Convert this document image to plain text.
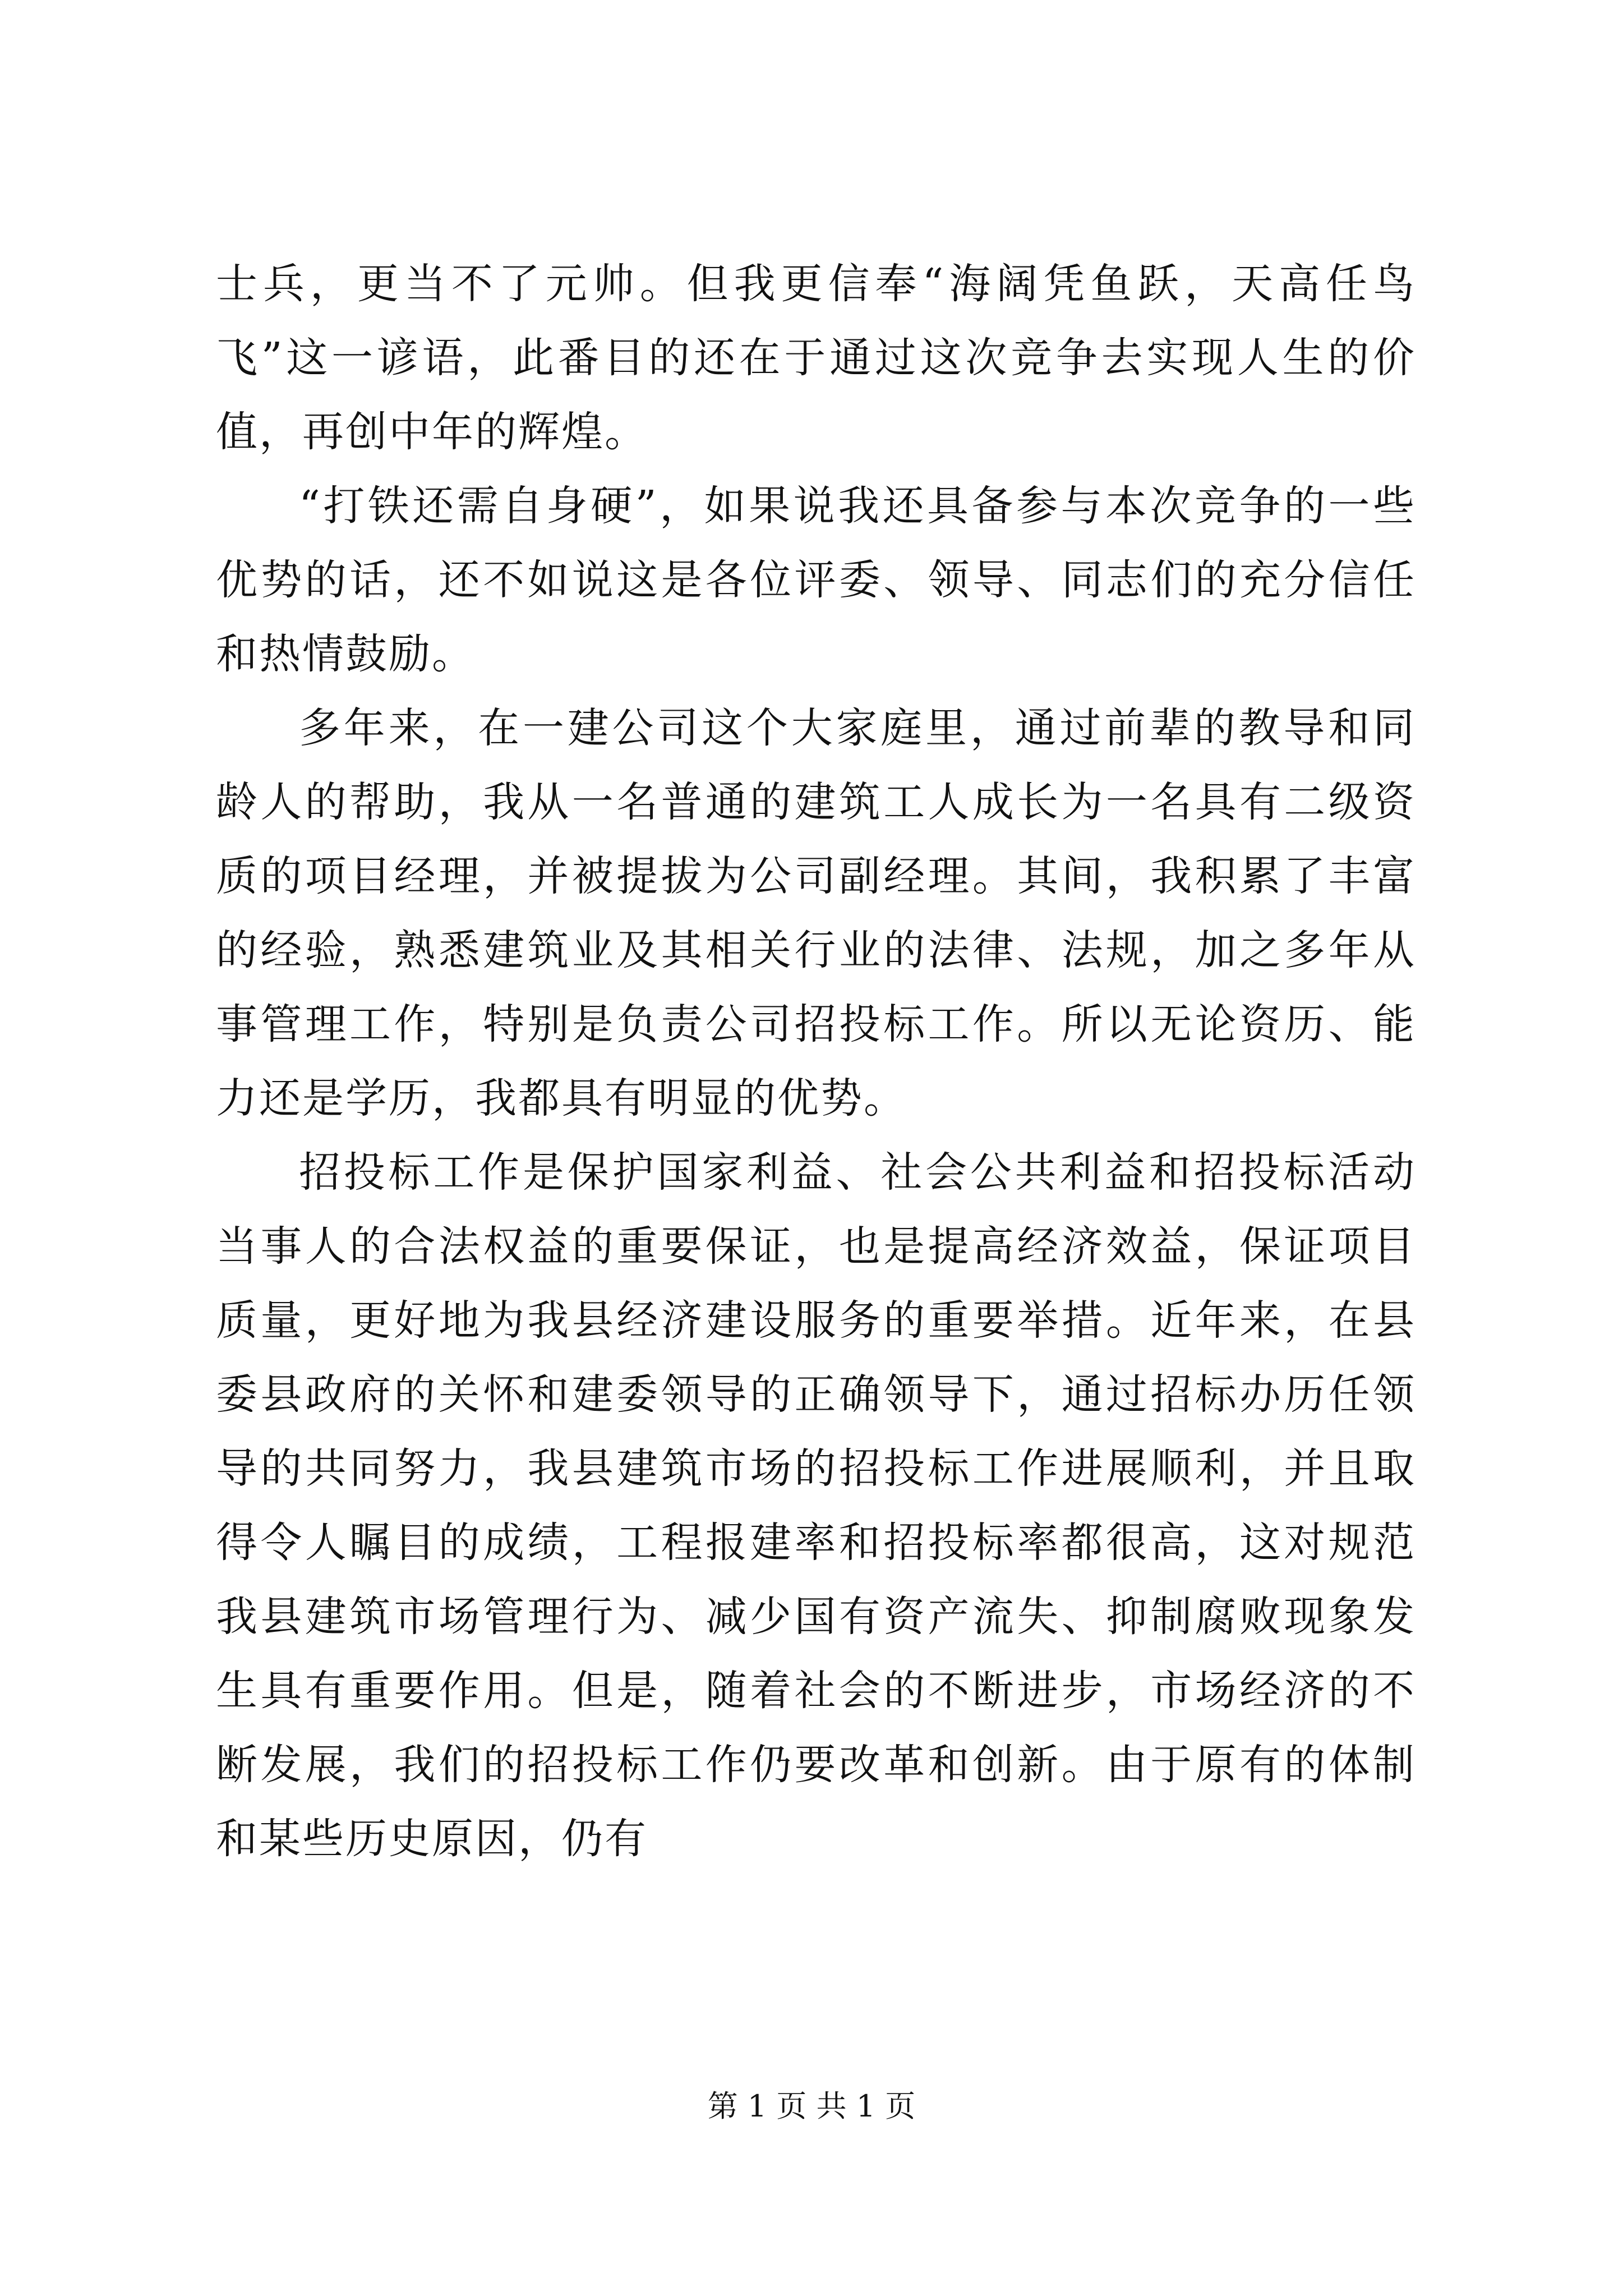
士兵，更当不了元帅。但我更信奉“海阔凭鱼跃，天高任鸟飞”这一谚语，此番目的还在于通过这次竞争去实现人生的价值，再创中年的辉煌。

“打铁还需自身硬”，如果说我还具备参与本次竞争的一些优势的话，还不如说这是各位评委、领导、同志们的充分信任和热情鼓励。

多年来，在一建公司这个大家庭里，通过前辈的教导和同龄人的帮助，我从一名普通的建筑工人成长为一名具有二级资质的项目经理，并被提拔为公司副经理。其间，我积累了丰富的经验，熟悉建筑业及其相关行业的法律、法规，加之多年从事管理工作，特别是负责公司招投标工作。所以无论资历、能力还是学历，我都具有明显的优势。

招投标工作是保护国家利益、社会公共利益和招投标活动当事人的合法权益的重要保证，也是提高经济效益，保证项目质量，更好地为我县经济建设服务的重要举措。近年来，在县委县政府的关怀和建委领导的正确领导下，通过招标办历任领导的共同努力，我县建筑市场的招投标工作进展顺利，并且取得令人瞩目的成绩，工程报建率和招投标率都很高，这对规范我县建筑市场管理行为、减少国有资产流失、抑制腐败现象发生具有重要作用。但是，随着社会的不断进步，市场经济的不断发展，我们的招投标工作仍要改革和创新。由于原有的体制和某些历史原因，仍有

第 1 页 共 1 页
